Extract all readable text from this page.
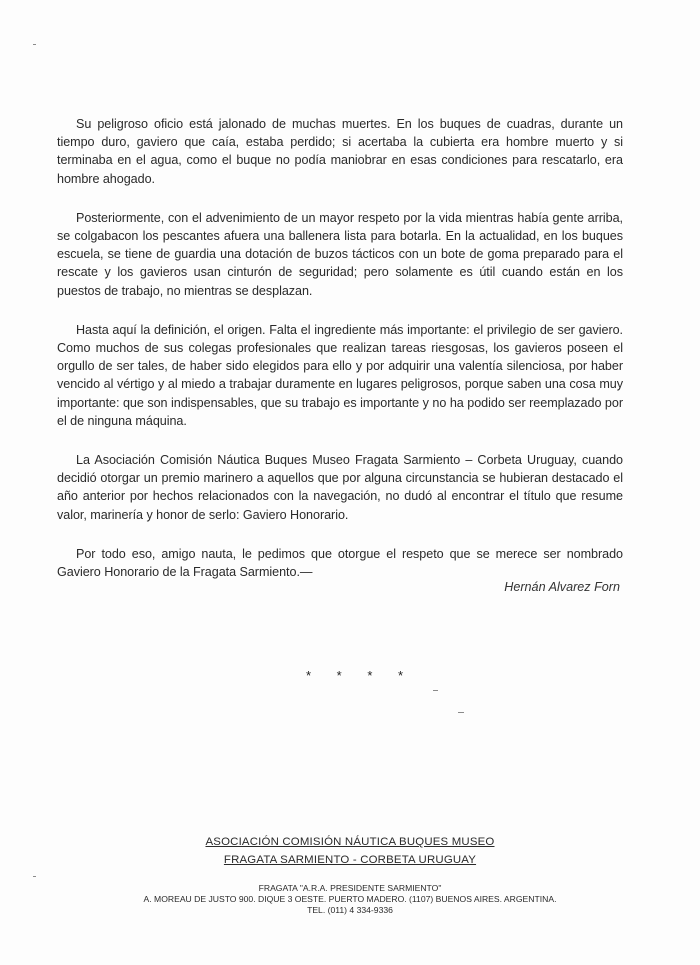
Su peligroso oficio está jalonado de muchas muertes. En los buques de cuadras, durante un tiempo duro, gaviero que caía, estaba perdido; si acertaba la cubierta era hombre muerto y si terminaba en el agua, como el buque no podía maniobrar en esas condiciones para rescatarlo, era hombre ahogado.

Posteriormente, con el advenimiento de un mayor respeto por la vida mientras había gente arriba, se colgabacon los pescantes afuera una ballenera lista para botarla. En la actualidad, en los buques escuela, se tiene de guardia una dotación de buzos tácticos con un bote de goma preparado para el rescate y los gavieros usan cinturón de seguridad; pero solamente es útil cuando están en los puestos de trabajo, no mientras se desplazan.

Hasta aquí la definición, el origen. Falta el ingrediente más importante: el privilegio de ser gaviero. Como muchos de sus colegas profesionales que realizan tareas riesgosas, los gavieros poseen el orgullo de ser tales, de haber sido elegidos para ello y por adquirir una valentía silenciosa, por haber vencido al vértigo y al miedo a trabajar duramente en lugares peligrosos, porque saben una cosa muy importante: que son indispensables, que su trabajo es importante y no ha podido ser reemplazado por el de ninguna máquina.

La Asociación Comisión Náutica Buques Museo Fragata Sarmiento – Corbeta Uruguay, cuando decidió otorgar un premio marinero a aquellos que por alguna circunstancia se hubieran destacado el año anterior por hechos relacionados con la navegación, no dudó al encontrar el título que resume valor, marinería y honor de serlo: Gaviero Honorario.

Por todo eso, amigo nauta, le pedimos que otorgue el respeto que se merece ser nombrado Gaviero Honorario de la Fragata Sarmiento.—

Hernán Alvarez Forn
* * * *
ASOCIACIÓN COMISIÓN NÁUTICA BUQUES MUSEO
FRAGATA SARMIENTO - CORBETA URUGUAY
FRAGATA "A.R.A. PRESIDENTE SARMIENTO"
A. MOREAU DE JUSTO 900. DIQUE 3 OESTE. PUERTO MADERO. (1107) BUENOS AIRES. ARGENTINA.
TEL. (011) 4 334-9336
